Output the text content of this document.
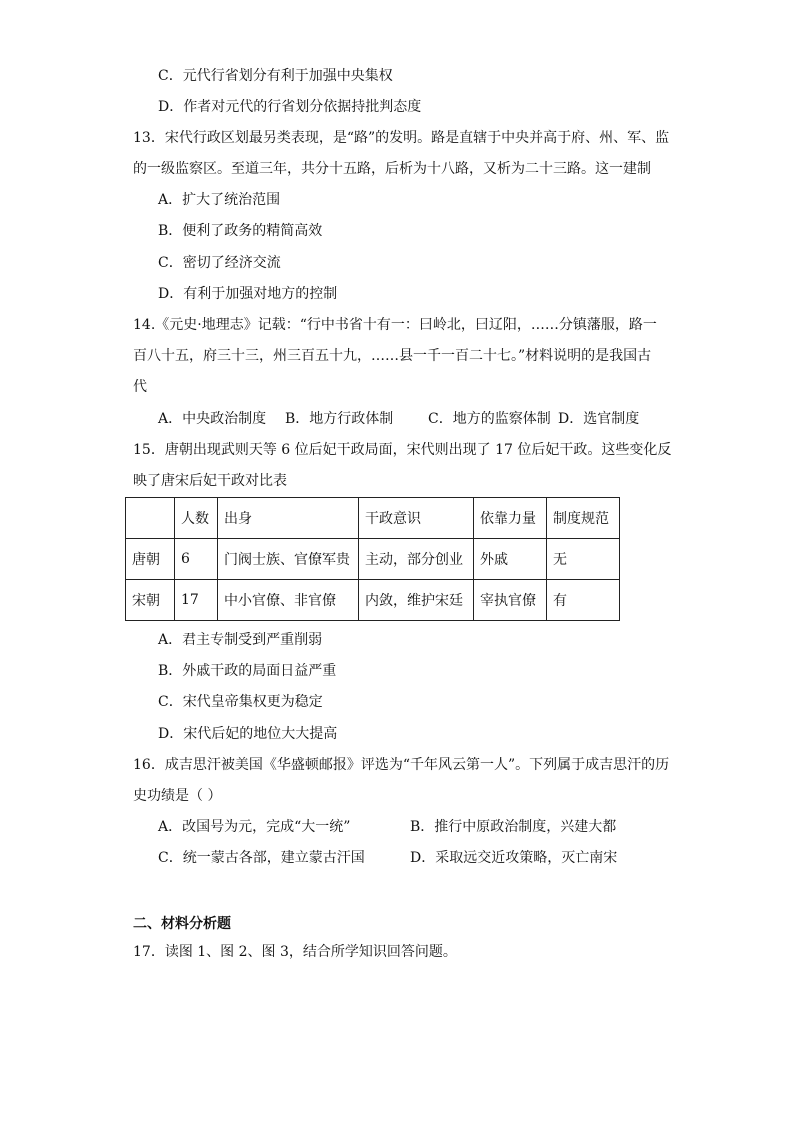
C．元代行省划分有利于加强中央集权
D．作者对元代的行省划分依据持批判态度
13．宋代行政区划最另类表现，是“路”的发明。路是直辖于中央并高于府、州、军、监
的一级监察区。至道三年，共分十五路，后析为十八路，又析为二十三路。这一建制
A．扩大了统治范围
B．便利了政务的精简高效
C．密切了经济交流
D．有利于加强对地方的控制
14.《元史·地理志》记载：“行中书省十有一：曰岭北，曰辽阳，……分镇藩服，路一
百八十五，府三十三，州三百五十九，……县一千一百二十七。”材料说明的是我国古
代
A．中央政治制度 B．地方行政体制 C．地方的监察体制 D．选官制度
15．唐朝出现武则天等 6 位后妃干政局面，宋代则出现了 17 位后妃干政。这些变化反
映了唐宋后妃干政对比表
	人数	出身	干政意识	依靠力量	制度规范
唐朝	6	门阀士族、官僚军贵	主动，部分创业	外戚	无
宋朝	17	中小官僚、非官僚	内敛，维护宋廷	宰执官僚	有
A．君主专制受到严重削弱
B．外戚干政的局面日益严重
C．宋代皇帝集权更为稳定
D．宋代后妃的地位大大提高
16．成吉思汗被美国《华盛顿邮报》评选为“千年风云第一人”。下列属于成吉思汗的历
史功绩是（ ）
A．改国号为元，完成“大一统”	B．推行中原政治制度，兴建大都
C．统一蒙古各部，建立蒙古汗国	D．采取远交近攻策略，灭亡南宋
二、材料分析题
17．读图 1、图 2、图 3，结合所学知识回答问题。
